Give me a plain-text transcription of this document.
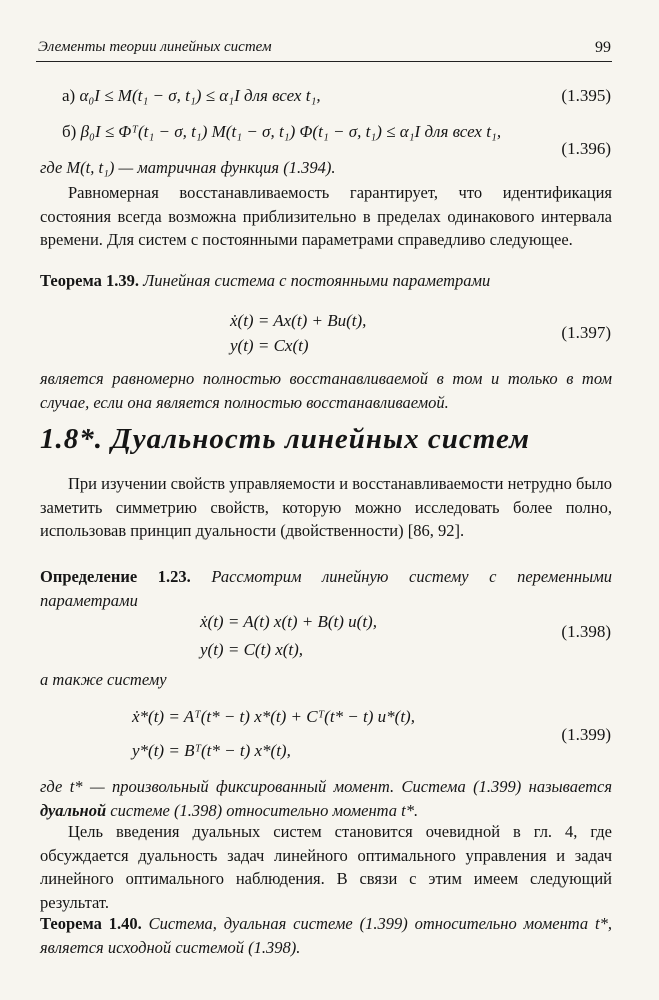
Элементы теории линейных систем	99
а) α₀I ≤ M(t₁ − σ, t₁) ≤ α₁I для всех t₁,	(1.395)
б) β₀I ≤ Φᵀ(t₁ − σ, t₁) M(t₁ − σ, t₁) Φ(t₁ − σ, t₁) ≤ α₁I для всех t₁,
(1.396)
где M(t, t₁) — матричная функция (1.394).
Равномерная восстанавливаемость гарантирует, что идентификация состояния всегда возможна приблизительно в пределах одинакового интервала времени. Для систем с постоянными параметрами справедливо следующее.
Теорема 1.39. Линейная система с постоянными параметрами
ẋ(t) = Ax(t) + Bu(t),
y(t) = Cx(t)
(1.397)
является равномерно полностью восстанавливаемой в том и только в том случае, если она является полностью восстанавливаемой.
1.8*. Дуальность линейных систем
При изучении свойств управляемости и восстанавливаемости нетрудно было заметить симметрию свойств, которую можно исследовать более полно, использовав принцип дуальности (двойственности) [86, 92].
Определение 1.23. Рассмотрим линейную систему с переменными параметрами
ẋ(t) = A(t) x(t) + B(t) u(t),
y(t) = C(t) x(t),
(1.398)
а также систему
ẋ*(t) = Aᵀ(t* − t) x*(t) + Cᵀ(t* − t) u*(t),
y*(t) = Bᵀ(t* − t) x*(t),
(1.399)
где t* — произвольный фиксированный момент. Система (1.399) называется дуальной системе (1.398) относительно момента t*.
Цель введения дуальных систем становится очевидной в гл. 4, где обсуждается дуальность задач линейного оптимального управления и задач линейного оптимального наблюдения. В связи с этим имеем следующий результат.
Теорема 1.40. Система, дуальная системе (1.399) относительно момента t*, является исходной системой (1.398).
